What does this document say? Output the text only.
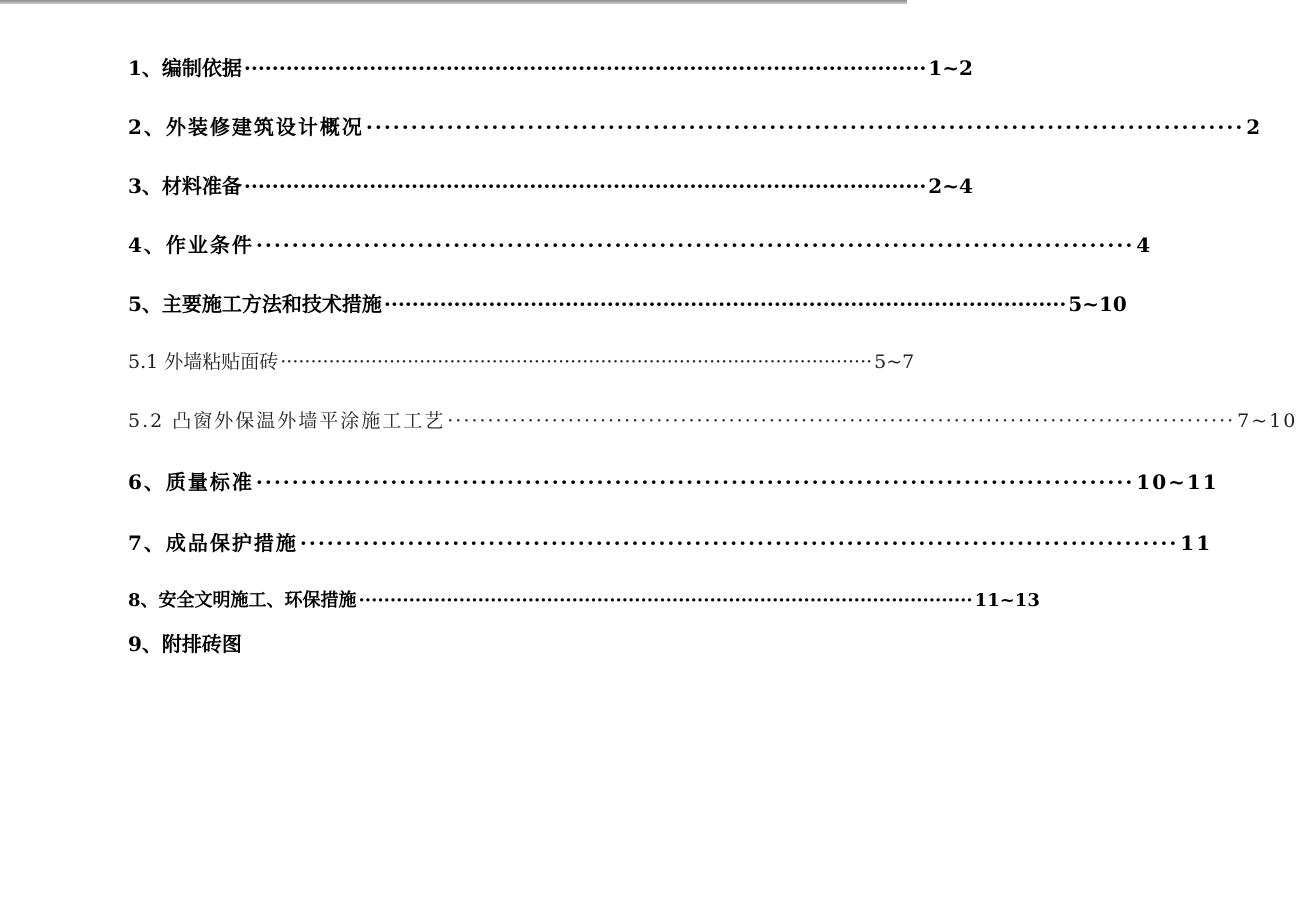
1、编制依据 ·································································································· 1~2
2、外装修建筑设计概况 ·································································································· 2
3、材料准备 ·································································································· 2~4
4、作业条件 ·································································································· 4
5、主要施工方法和技术措施 ·································································································· 5~10
5.1 外墙粘贴面砖 ·································································································· 5~7
5.2 凸窗外保温外墙平涂施工工艺 ·································································································· 7~10
6、质量标准 ·································································································· 10~11
7、成品保护措施 ·································································································· 11
8、安全文明施工、环保措施 ·································································································· 11~13
9、附排砖图
